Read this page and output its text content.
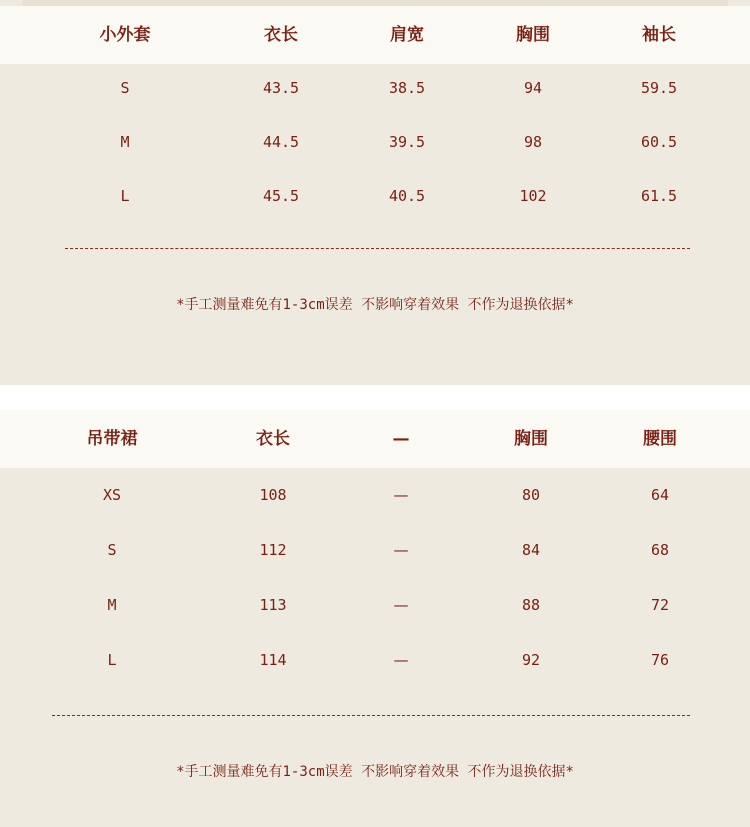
小外套	衣长	肩宽	胸围	袖长
S	43.5	38.5	94	59.5
M	44.5	39.5	98	60.5
L	45.5	40.5	102	61.5
*手工测量难免有1-3cm误差 不影响穿着效果 不作为退换依据*
吊带裙	衣长	—	胸围	腰围
XS	108	—	80	64
S	112	—	84	68
M	113	—	88	72
L	114	—	92	76
*手工测量难免有1-3cm误差 不影响穿着效果 不作为退换依据*
